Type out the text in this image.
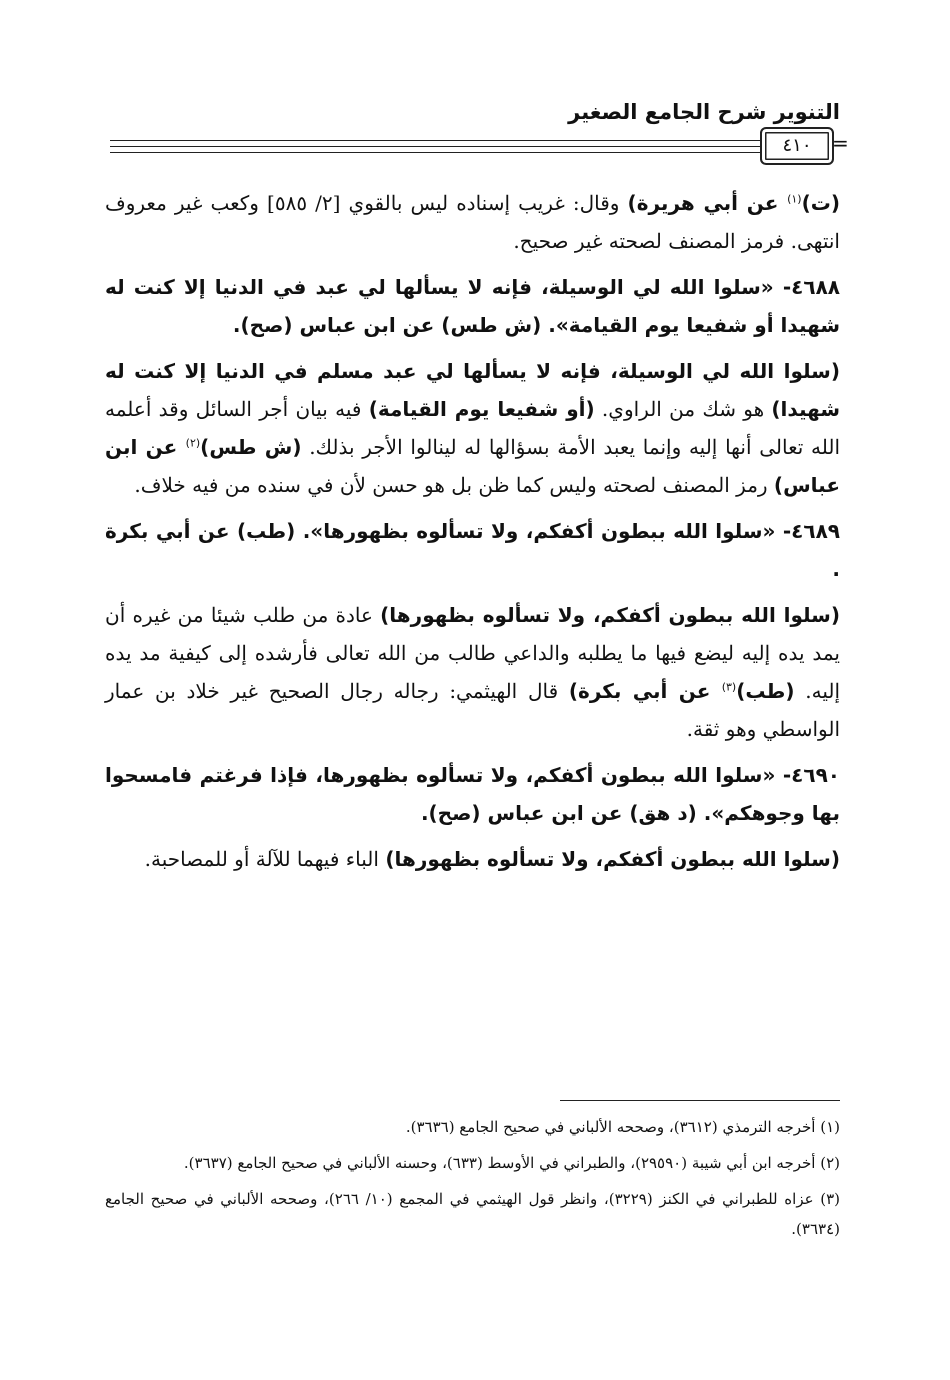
التنوير شرح الجامع الصغير
٤١٠	=

(ت)$^{(١)}$ عن أبي هريرة) وقال: غريب إسناده ليس بالقوي [٢/ ٥٨٥] وكعب غير معروف انتهى. فرمز المصنف لصحته غير صحيح.

٤٦٨٨- «سلوا الله لي الوسيلة، فإنه لا يسألها لي عبد في الدنيا إلا كنت له شهيدا أو شفيعا يوم القيامة». (ش طس) عن ابن عباس (صح).

(سلوا الله لي الوسيلة، فإنه لا يسألها لي عبد مسلم في الدنيا إلا كنت له شهيدا) هو شك من الراوي. (أو شفيعا يوم القيامة) فيه بيان أجر السائل وقد أعلمه الله تعالى أنها إليه وإنما يعبد الأمة بسؤالها له لينالوا الأجر بذلك. (ش طس)$^{(٢)}$ عن ابن عباس) رمز المصنف لصحته وليس كما ظن بل هو حسن لأن في سنده من فيه خلاف.

٤٦٨٩- «سلوا الله ببطون أكفكم، ولا تسألوه بظهورها». (طب) عن أبي بكرة .

(سلوا الله ببطون أكفكم، ولا تسألوه بظهورها) عادة من طلب شيئا من غيره أن يمد يده إليه ليضع فيها ما يطلبه والداعي طالب من الله تعالى فأرشده إلى كيفية مد يده إليه. (طب)$^{(٣)}$ عن أبي بكرة) قال الهيثمي: رجاله رجال الصحيح غير خلاد بن عمار الواسطي وهو ثقة.

٤٦٩٠- «سلوا الله ببطون أكفكم، ولا تسألوه بظهورها، فإذا فرغتم فامسحوا بها وجوهكم». (د هق) عن ابن عباس (صح).

(سلوا الله ببطون أكفكم، ولا تسألوه بظهورها) الباء فيهما للآلة أو للمصاحبة.

(١) أخرجه الترمذي (٣٦١٢)، وصححه الألباني في صحيح الجامع (٣٦٣٦).

(٢) أخرجه ابن أبي شيبة (٢٩٥٩٠)، والطبراني في الأوسط (٦٣٣)، وحسنه الألباني في صحيح الجامع (٣٦٣٧).

(٣) عزاه للطبراني في الكنز (٣٢٢٩)، وانظر قول الهيثمي في المجمع (١٠/ ٢٦٦)، وصححه الألباني في صحيح الجامع (٣٦٣٤).
